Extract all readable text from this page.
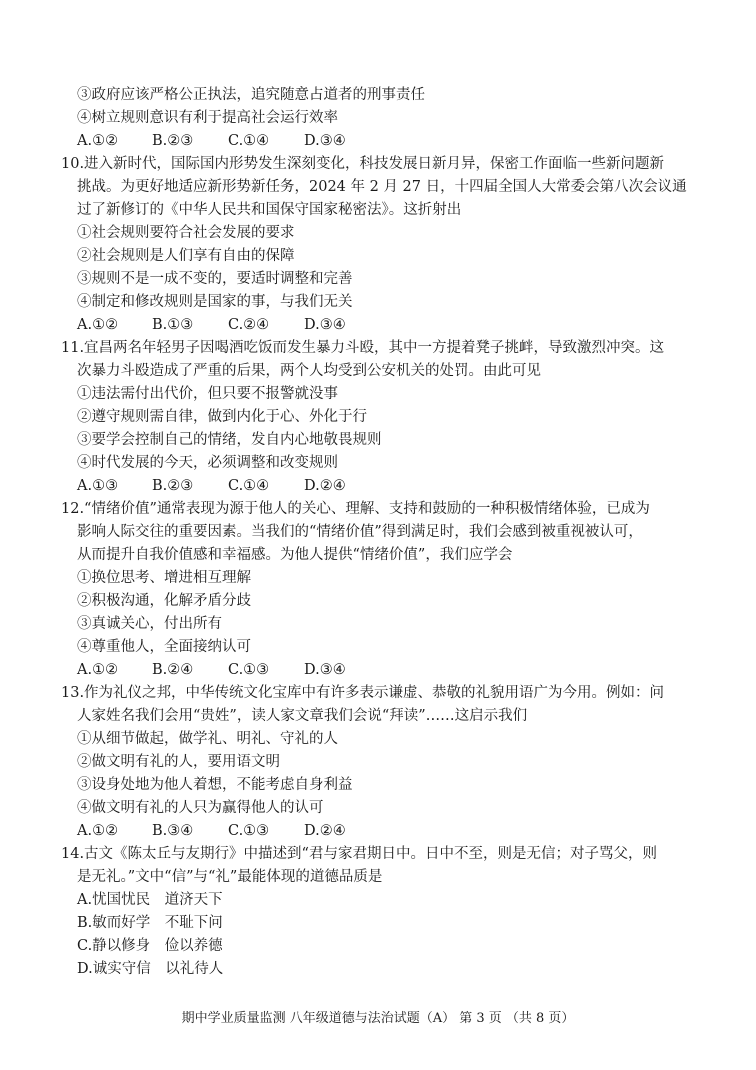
③政府应该严格公正执法，追究随意占道者的刑事责任
④树立规则意识有利于提高社会运行效率
A.①② B.②③ C.①④ D.③④
10.进入新时代，国际国内形势发生深刻变化，科技发展日新月异，保密工作面临一些新问题新
挑战。为更好地适应新形势新任务，2024 年 2 月 27 日，十四届全国人大常委会第八次会议通
过了新修订的《中华人民共和国保守国家秘密法》。这折射出
①社会规则要符合社会发展的要求
②社会规则是人们享有自由的保障
③规则不是一成不变的，要适时调整和完善
④制定和修改规则是国家的事，与我们无关
A.①② B.①③ C.②④ D.③④
11.宜昌两名年轻男子因喝酒吃饭而发生暴力斗殴，其中一方提着凳子挑衅，导致激烈冲突。这
次暴力斗殴造成了严重的后果，两个人均受到公安机关的处罚。由此可见
①违法需付出代价，但只要不报警就没事
②遵守规则需自律，做到内化于心、外化于行
③要学会控制自己的情绪，发自内心地敬畏规则
④时代发展的今天，必须调整和改变规则
A.①③ B.②③ C.①④ D.②④
12.“情绪价值”通常表现为源于他人的关心、理解、支持和鼓励的一种积极情绪体验，已成为
影响人际交往的重要因素。当我们的“情绪价值”得到满足时，我们会感到被重视被认可，
从而提升自我价值感和幸福感。为他人提供“情绪价值”，我们应学会
①换位思考、增进相互理解
②积极沟通，化解矛盾分歧
③真诚关心，付出所有
④尊重他人，全面接纳认可
A.①② B.②④ C.①③ D.③④
13.作为礼仪之邦，中华传统文化宝库中有许多表示谦虚、恭敬的礼貌用语广为今用。例如：问
人家姓名我们会用“贵姓”，读人家文章我们会说“拜读”……这启示我们
①从细节做起，做学礼、明礼、守礼的人
②做文明有礼的人，要用语文明
③设身处地为他人着想，不能考虑自身利益
④做文明有礼的人只为赢得他人的认可
A.①② B.③④ C.①③ D.②④
14.古文《陈太丘与友期行》中描述到“君与家君期日中。日中不至，则是无信；对子骂父，则
是无礼。”文中“信”与“礼”最能体现的道德品质是
A.忧国忧民　道济天下
B.敏而好学　不耻下问
C.静以修身　俭以养德
D.诚实守信　以礼待人
期中学业质量监测 八年级道德与法治试题（A） 第 3 页 （共 8 页）
